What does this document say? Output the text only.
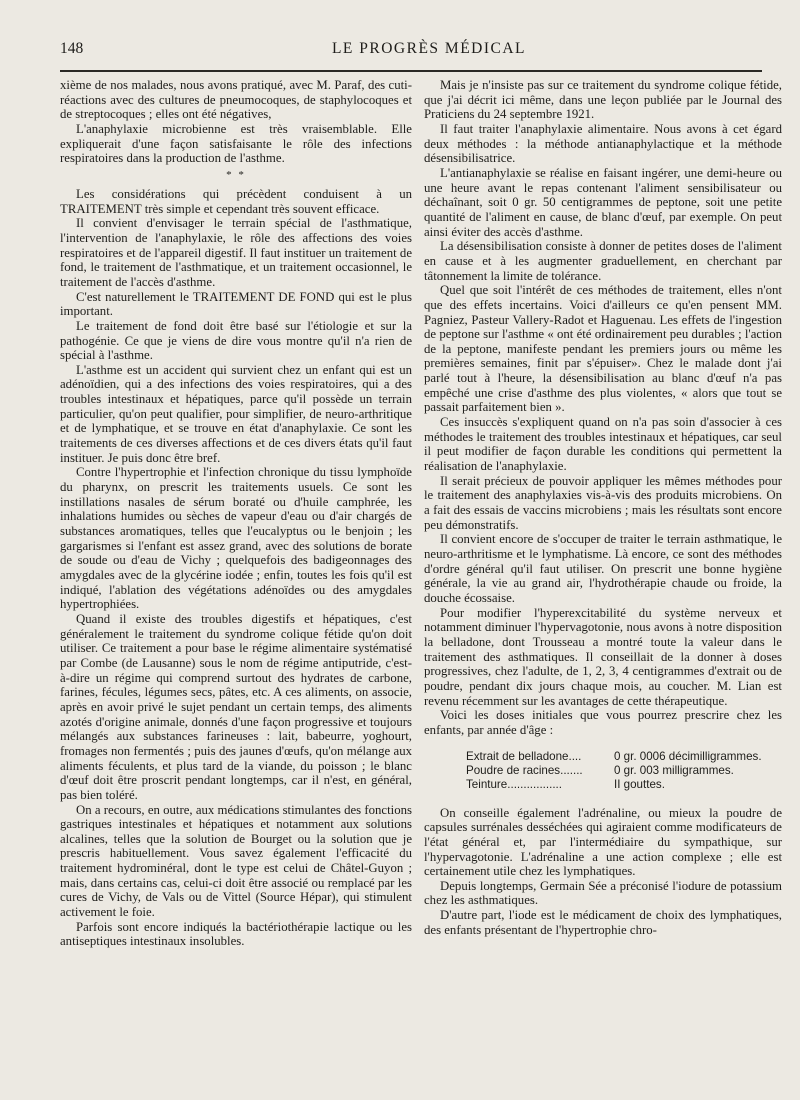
148	LE PROGRÈS MÉDICAL

xième de nos malades, nous avons pratiqué, avec M. Paraf, des cuti-réactions avec des cultures de pneumocoques, de staphylocoques et de streptocoques ; elles ont été négatives,

L'anaphylaxie microbienne est très vraisemblable. Elle expliquerait d'une façon satisfaisante le rôle des infections respiratoires dans la production de l'asthme.

* *

Les considérations qui précèdent conduisent à un TRAITEMENT très simple et cependant très souvent efficace.

Il convient d'envisager le terrain spécial de l'asthmatique, l'intervention de l'anaphylaxie, le rôle des affections des voies respiratoires et de l'appareil digestif. Il faut instituer un traitement de fond, le traitement de l'asthmatique, et un traitement occasionnel, le traitement de l'accès d'asthme.

C'est naturellement le TRAITEMENT DE FOND qui est le plus important.

Le traitement de fond doit être basé sur l'étiologie et sur la pathogénie. Ce que je viens de dire vous montre qu'il n'a rien de spécial à l'asthme.

L'asthme est un accident qui survient chez un enfant qui est un adénoïdien, qui a des infections des voies respiratoires, qui a des troubles intestinaux et hépatiques, parce qu'il possède un terrain particulier, qu'on peut qualifier, pour simplifier, de neuro-arthritique et de lymphatique, et se trouve en état d'anaphylaxie. Ce sont les traitements de ces diverses affections et de ces divers états qu'il faut instituer. Je puis donc être bref.

Contre l'hypertrophie et l'infection chronique du tissu lymphoïde du pharynx, on prescrit les traitements usuels. Ce sont les instillations nasales de sérum boraté ou d'huile camphrée, les inhalations humides ou sèches de vapeur d'eau ou d'air chargés de substances aromatiques, telles que l'eucalyptus ou le benjoin ; les gargarismes si l'enfant est assez grand, avec des solutions de borate de soude ou d'eau de Vichy ; quelquefois des badigeonnages des amygdales avec de la glycérine iodée ; enfin, toutes les fois qu'il est indiqué, l'ablation des végétations adénoïdes ou des amygdales hypertrophiées.

Quand il existe des troubles digestifs et hépatiques, c'est généralement le traitement du syndrome colique fétide qu'on doit utiliser. Ce traitement a pour base le régime alimentaire systématisé par Combe (de Lausanne) sous le nom de régime antiputride, c'est-à-dire un régime qui comprend surtout des hydrates de carbone, farines, fécules, légumes secs, pâtes, etc. A ces aliments, on associe, après en avoir privé le sujet pendant un certain temps, des aliments azotés d'origine animale, donnés d'une façon progressive et toujours mélangés aux substances farineuses : lait, babeurre, yoghourt, fromages non fermentés ; puis des jaunes d'œufs, qu'on mélange aux aliments féculents, et plus tard de la viande, du poisson ; le blanc d'œuf doit être proscrit pendant longtemps, car il n'est, en général, pas bien toléré.

On a recours, en outre, aux médications stimulantes des fonctions gastriques intestinales et hépatiques et notamment aux solutions alcalines, telles que la solution de Bourget ou la solution que je prescris habituellement. Vous savez également l'efficacité du traitement hydrominéral, dont le type est celui de Châtel-Guyon ; mais, dans certains cas, celui-ci doit être associé ou remplacé par les cures de Vichy, de Vals ou de Vittel (Source Hépar), qui stimulent activement le foie.

Parfois sont encore indiqués la bactériothérapie lactique ou les antiseptiques intestinaux insolubles.

Mais je n'insiste pas sur ce traitement du syndrome colique fétide, que j'ai décrit ici même, dans une leçon publiée par le Journal des Praticiens du 24 septembre 1921.

Il faut traiter l'anaphylaxie alimentaire. Nous avons à cet égard deux méthodes : la méthode antianaphylactique et la méthode désensibilisatrice.

L'antianaphylaxie se réalise en faisant ingérer, une demi-heure ou une heure avant le repas contenant l'aliment sensibilisateur ou déchaînant, soit 0 gr. 50 centigrammes de peptone, soit une petite quantité de l'aliment en cause, de blanc d'œuf, par exemple. On peut ainsi éviter des accès d'asthme.

La désensibilisation consiste à donner de petites doses de l'aliment en cause et à les augmenter graduellement, en cherchant par tâtonnement la limite de tolérance.

Quel que soit l'intérêt de ces méthodes de traitement, elles n'ont que des effets incertains. Voici d'ailleurs ce qu'en pensent MM. Pagniez, Pasteur Vallery-Radot et Haguenau. Les effets de l'ingestion de peptone sur l'asthme « ont été ordinairement peu durables ; l'action de la peptone, manifeste pendant les premiers jours ou même les premières semaines, finit par s'épuiser». Chez le malade dont j'ai parlé tout à l'heure, la désensibilisation au blanc d'œuf n'a pas empêché une crise d'asthme des plus violentes, « alors que tout se passait parfaitement bien ».

Ces insuccès s'expliquent quand on n'a pas soin d'associer à ces méthodes le traitement des troubles intestinaux et hépatiques, car seul il peut modifier de façon durable les conditions qui permettent la réalisation de l'anaphylaxie.

Il serait précieux de pouvoir appliquer les mêmes méthodes pour le traitement des anaphylaxies vis-à-vis des produits microbiens. On a fait des essais de vaccins microbiens ; mais les résultats sont encore peu démonstratifs.

Il convient encore de s'occuper de traiter le terrain asthmatique, le neuro-arthritisme et le lymphatisme. Là encore, ce sont des méthodes d'ordre général qu'il faut utiliser. On prescrit une bonne hygiène générale, la vie au grand air, l'hydrothérapie chaude ou froide, la douche écossaise.

Pour modifier l'hyperexcitabilité du système nerveux et notamment diminuer l'hypervagotonie, nous avons à notre disposition la belladone, dont Trousseau a montré toute la valeur dans le traitement des asthmatiques. Il conseillait de la donner à doses progressives, chez l'adulte, de 1, 2, 3, 4 centigrammes d'extrait ou de poudre, pendant dix jours chaque mois, au coucher. M. Lian est revenu récemment sur les avantages de cette thérapeutique.

Voici les doses initiales que vous pourrez prescrire chez les enfants, par année d'âge :

Extrait de belladone....	0 gr. 0006 décimilligrammes.
Poudre de racines.......	0 gr. 003 milligrammes.
Teinture.................	II gouttes.

On conseille également l'adrénaline, ou mieux la poudre de capsules surrénales desséchées qui agiraient comme modificateurs de l'état général et, par l'intermédiaire du sympathique, sur l'hypervagotonie. L'adrénaline a une action complexe ; elle est certainement utile chez les lymphatiques.

Depuis longtemps, Germain Sée a préconisé l'iodure de potassium chez les asthmatiques.

D'autre part, l'iode est le médicament de choix des lymphatiques, des enfants présentant de l'hypertrophie chro-
